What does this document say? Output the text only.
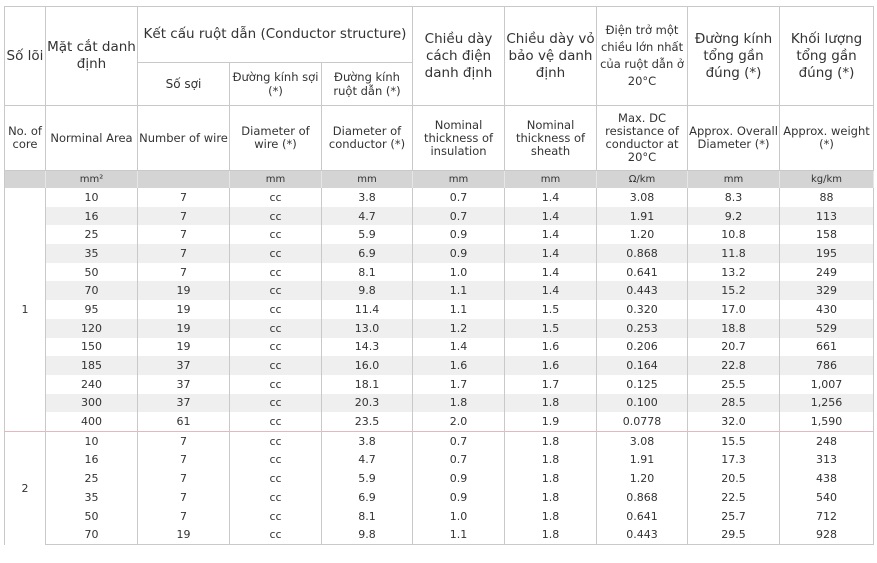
Số lõi	Mặt cắt danh định	Kết cấu ruột dẫn (Conductor structure)			Chiều dày cách điện danh định	Chiều dày vỏ bảo vệ danh định	Điện trở một chiều lớn nhất của ruột dẫn ở 20°C	Đường kính tổng gần đúng (*)	Khối lượng tổng gần đúng (*)
		Số sợi	Đường kính sợi (*)	Đường kính ruột dẫn (*)					
No. of core	Norminal Area	Number of wire	Diameter of wire (*)	Diameter of conductor (*)	Nominal thickness of insulation	Nominal thickness of sheath	Max. DC resistance of conductor at 20°C	Approx. Overall Diameter (*)	Approx. weight (*)
	mm²		mm	mm	mm	mm	Ω/km	mm	kg/km
1	10	7	cc	3.8	0.7	1.4	3.08	8.3	88
	16	7	cc	4.7	0.7	1.4	1.91	9.2	113
	25	7	cc	5.9	0.9	1.4	1.20	10.8	158
	35	7	cc	6.9	0.9	1.4	0.868	11.8	195
	50	7	cc	8.1	1.0	1.4	0.641	13.2	249
	70	19	cc	9.8	1.1	1.4	0.443	15.2	329
	95	19	cc	11.4	1.1	1.5	0.320	17.0	430
	120	19	cc	13.0	1.2	1.5	0.253	18.8	529
	150	19	cc	14.3	1.4	1.6	0.206	20.7	661
	185	37	cc	16.0	1.6	1.6	0.164	22.8	786
	240	37	cc	18.1	1.7	1.7	0.125	25.5	1,007
	300	37	cc	20.3	1.8	1.8	0.100	28.5	1,256
	400	61	cc	23.5	2.0	1.9	0.0778	32.0	1,590
2	10	7	cc	3.8	0.7	1.8	3.08	15.5	248
	16	7	cc	4.7	0.7	1.8	1.91	17.3	313
	25	7	cc	5.9	0.9	1.8	1.20	20.5	438
	35	7	cc	6.9	0.9	1.8	0.868	22.5	540
	50	7	cc	8.1	1.0	1.8	0.641	25.7	712
	70	19	cc	9.8	1.1	1.8	0.443	29.5	928
